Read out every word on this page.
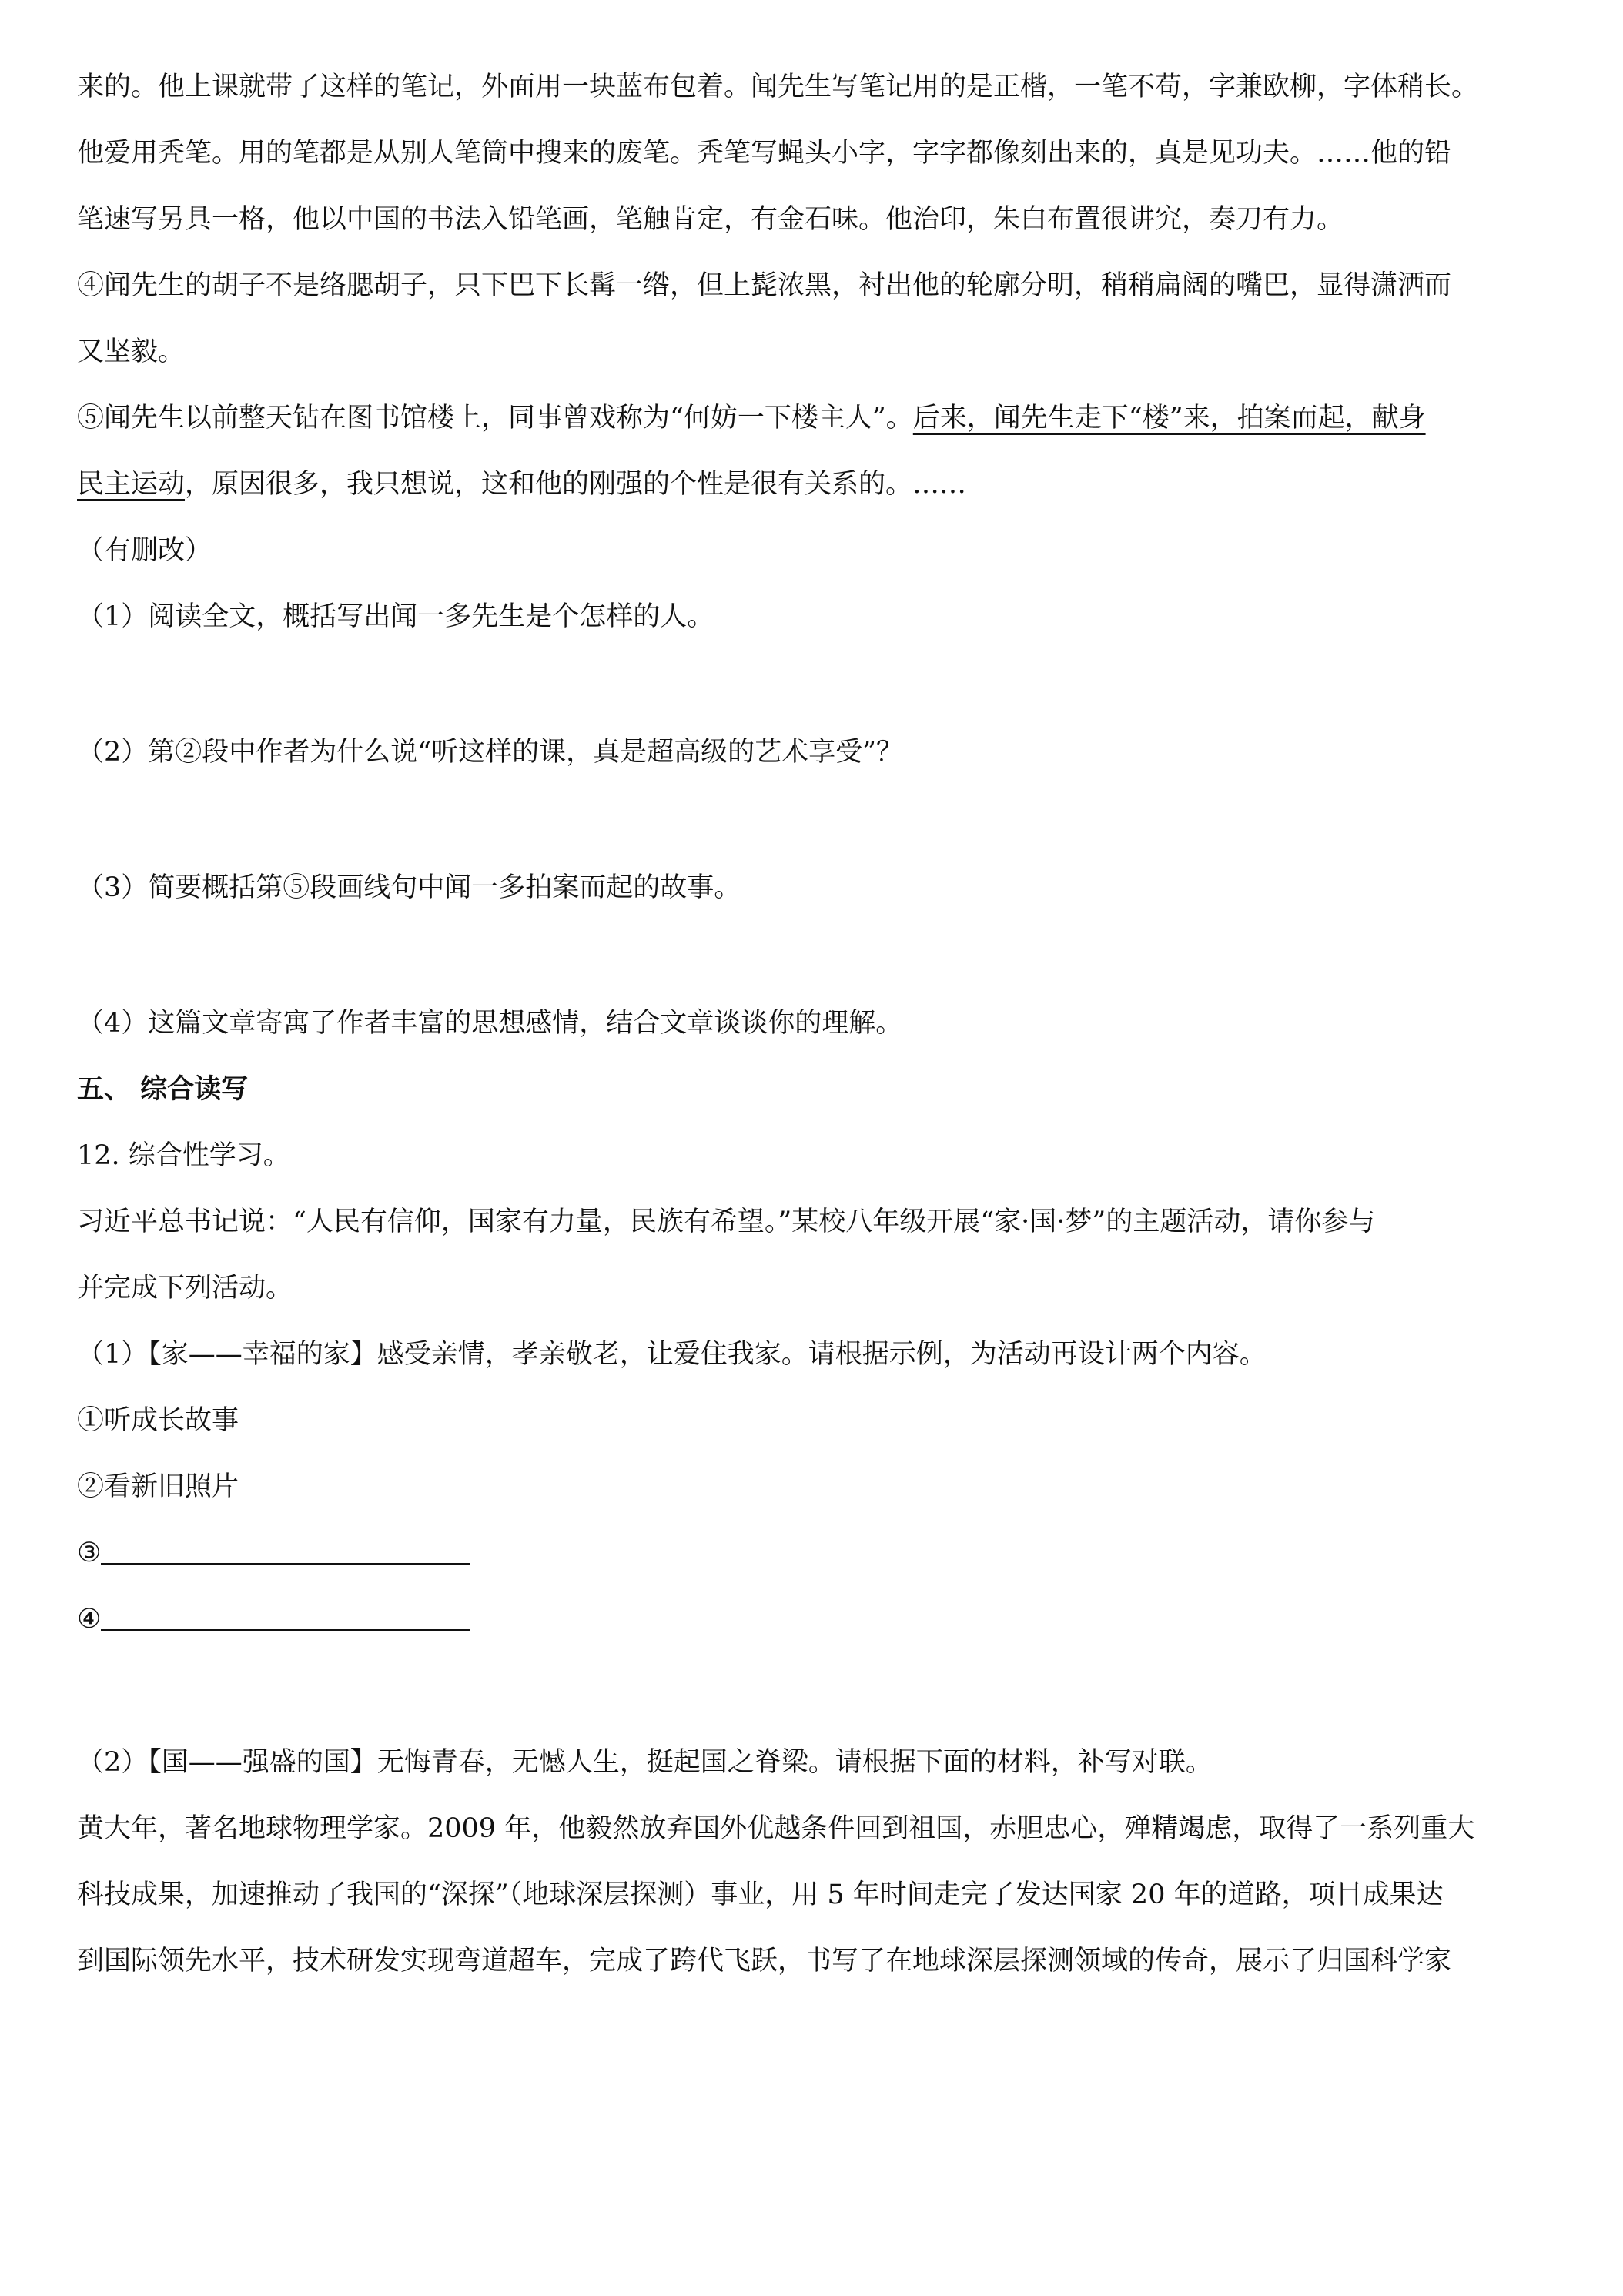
来的。他上课就带了这样的笔记，外面用一块蓝布包着。闻先生写笔记用的是正楷，一笔不苟，字兼欧柳，字体稍长。

他爱用秃笔。用的笔都是从别人笔筒中搜来的废笔。秃笔写蝇头小字，字字都像刻出来的，真是见功夫。……他的铅

笔速写另具一格，他以中国的书法入铅笔画，笔触肯定，有金石味。他治印，朱白布置很讲究，奏刀有力。

④闻先生的胡子不是络腮胡子，只下巴下长髯一绺，但上髭浓黑，衬出他的轮廓分明，稍稍扁阔的嘴巴，显得潇洒而

又坚毅。

⑤闻先生以前整天钻在图书馆楼上，同事曾戏称为“何妨一下楼主人”。后来，闻先生走下“楼”来，拍案而起，献身

民主运动，原因很多，我只想说，这和他的刚强的个性是很有关系的。……

（有删改）

（1）阅读全文，概括写出闻一多先生是个怎样的人。

（2）第②段中作者为什么说“听这样的课，真是超高级的艺术享受”？

（3）简要概括第⑤段画线句中闻一多拍案而起的故事。

（4）这篇文章寄寓了作者丰富的思想感情，结合文章谈谈你的理解。

五、 综合读写

12. 综合性学习。

习近平总书记说：“人民有信仰，国家有力量，民族有希望。”某校八年级开展“家·国·梦”的主题活动，请你参与

并完成下列活动。

（1）【家——幸福的家】感受亲情，孝亲敬老，让爱住我家。请根据示例，为活动再设计两个内容。

①听成长故事

②看新旧照片

③

④

（2）【国——强盛的国】无悔青春，无憾人生，挺起国之脊梁。请根据下面的材料，补写对联。

黄大年，著名地球物理学家。2009 年，他毅然放弃国外优越条件回到祖国，赤胆忠心，殚精竭虑，取得了一系列重大

科技成果，加速推动了我国的“深探”（地球深层探测）事业，用 5 年时间走完了发达国家 20 年的道路，项目成果达

到国际领先水平，技术研发实现弯道超车，完成了跨代飞跃，书写了在地球深层探测领域的传奇，展示了归国科学家
